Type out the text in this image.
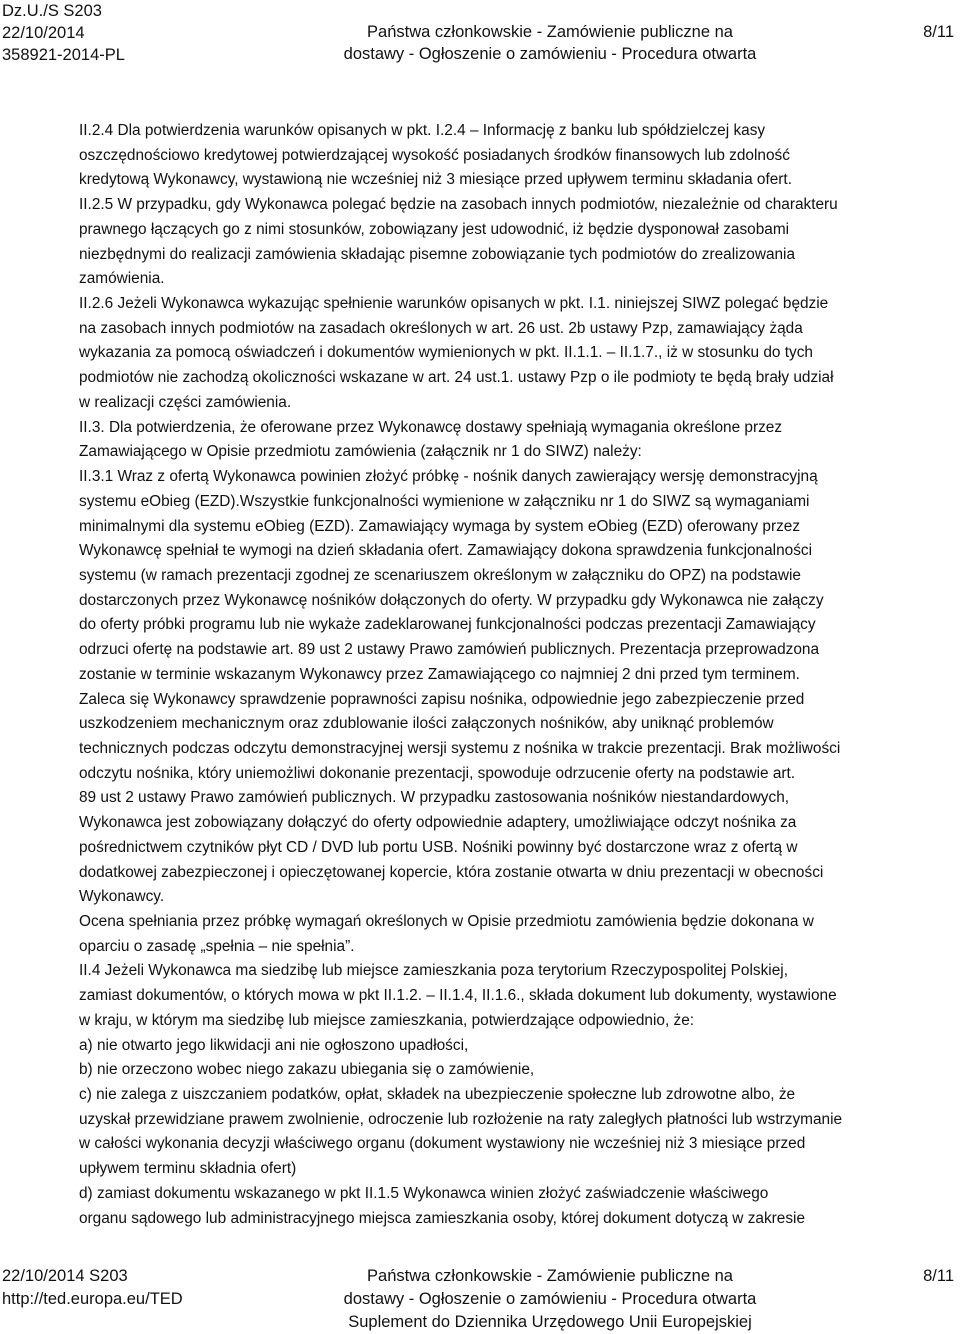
Dz.U./S S203
22/10/2014
358921-2014-PL
Państwa członkowskie - Zamówienie publiczne na
dostawy - Ogłoszenie o zamówieniu - Procedura otwarta
8/11
II.2.4 Dla potwierdzenia warunków opisanych w pkt. I.2.4 – Informację z banku lub spółdzielczej kasy
oszczędnościowo kredytowej potwierdzającej wysokość posiadanych środków finansowych lub zdolność
kredytową Wykonawcy, wystawioną nie wcześniej niż 3 miesiące przed upływem terminu składania ofert.
II.2.5 W przypadku, gdy Wykonawca polegać będzie na zasobach innych podmiotów, niezależnie od charakteru
prawnego łączących go z nimi stosunków, zobowiązany jest udowodnić, iż będzie dysponował zasobami
niezbędnymi do realizacji zamówienia składając pisemne zobowiązanie tych podmiotów do zrealizowania
zamówienia.
II.2.6 Jeżeli Wykonawca wykazując spełnienie warunków opisanych w pkt. I.1. niniejszej SIWZ polegać będzie
na zasobach innych podmiotów na zasadach określonych w art. 26 ust. 2b ustawy Pzp, zamawiający żąda
wykazania za pomocą oświadczeń i dokumentów wymienionych w pkt. II.1.1. – II.1.7., iż w stosunku do tych
podmiotów nie zachodzą okoliczności wskazane w art. 24 ust.1. ustawy Pzp o ile podmioty te będą brały udział
w realizacji części zamówienia.
II.3. Dla potwierdzenia, że oferowane przez Wykonawcę dostawy spełniają wymagania określone przez
Zamawiającego w Opisie przedmiotu zamówienia (załącznik nr 1 do SIWZ) należy:
II.3.1 Wraz z ofertą Wykonawca powinien złożyć próbkę - nośnik danych zawierający wersję demonstracyjną
systemu eObieg (EZD).Wszystkie funkcjonalności wymienione w załączniku nr 1 do SIWZ są wymaganiami
minimalnymi dla systemu eObieg (EZD). Zamawiający wymaga by system eObieg (EZD) oferowany przez
Wykonawcę spełniał te wymogi na dzień składania ofert. Zamawiający dokona sprawdzenia funkcjonalności
systemu (w ramach prezentacji zgodnej ze scenariuszem określonym w załączniku do OPZ) na podstawie
dostarczonych przez Wykonawcę nośników dołączonych do oferty. W przypadku gdy Wykonawca nie załączy
do oferty próbki programu lub nie wykaże zadeklarowanej funkcjonalności podczas prezentacji Zamawiający
odrzuci ofertę na podstawie art. 89 ust 2 ustawy Prawo zamówień publicznych. Prezentacja przeprowadzona
zostanie w terminie wskazanym Wykonawcy przez Zamawiającego co najmniej 2 dni przed tym terminem.
Zaleca się Wykonawcy sprawdzenie poprawności zapisu nośnika, odpowiednie jego zabezpieczenie przed
uszkodzeniem mechanicznym oraz zdublowanie ilości załączonych nośników, aby uniknąć problemów
technicznych podczas odczytu demonstracyjnej wersji systemu z nośnika w trakcie prezentacji. Brak możliwości
odczytu nośnika, który uniemożliwi dokonanie prezentacji, spowoduje odrzucenie oferty na podstawie art.
89 ust 2 ustawy Prawo zamówień publicznych. W przypadku zastosowania nośników niestandardowych,
Wykonawca jest zobowiązany dołączyć do oferty odpowiednie adaptery, umożliwiające odczyt nośnika za
pośrednictwem czytników płyt CD / DVD lub portu USB. Nośniki powinny być dostarczone wraz z ofertą w
dodatkowej zabezpieczonej i opieczętowanej kopercie, która zostanie otwarta w dniu prezentacji w obecności
Wykonawcy.
Ocena spełniania przez próbkę wymagań określonych w Opisie przedmiotu zamówienia będzie dokonana w
oparciu o zasadę „spełnia – nie spełnia”.
II.4 Jeżeli Wykonawca ma siedzibę lub miejsce zamieszkania poza terytorium Rzeczypospolitej Polskiej,
zamiast dokumentów, o których mowa w pkt II.1.2. – II.1.4, II.1.6., składa dokument lub dokumenty, wystawione
w kraju, w którym ma siedzibę lub miejsce zamieszkania, potwierdzające odpowiednio, że:
a) nie otwarto jego likwidacji ani nie ogłoszono upadłości,
b) nie orzeczono wobec niego zakazu ubiegania się o zamówienie,
c) nie zalega z uiszczaniem podatków, opłat, składek na ubezpieczenie społeczne lub zdrowotne albo, że
uzyskał przewidziane prawem zwolnienie, odroczenie lub rozłożenie na raty zaległych płatności lub wstrzymanie
w całości wykonania decyzji właściwego organu (dokument wystawiony nie wcześniej niż 3 miesiące przed
upływem terminu składnia ofert)
d) zamiast dokumentu wskazanego w pkt II.1.5 Wykonawca winien złożyć zaświadczenie właściwego
organu sądowego lub administracyjnego miejsca zamieszkania osoby, której dokument dotyczą w zakresie
22/10/2014 S203
http://ted.europa.eu/TED
Państwa członkowskie - Zamówienie publiczne na
dostawy - Ogłoszenie o zamówieniu - Procedura otwarta
Suplement do Dziennika Urzędowego Unii Europejskiej
8/11
